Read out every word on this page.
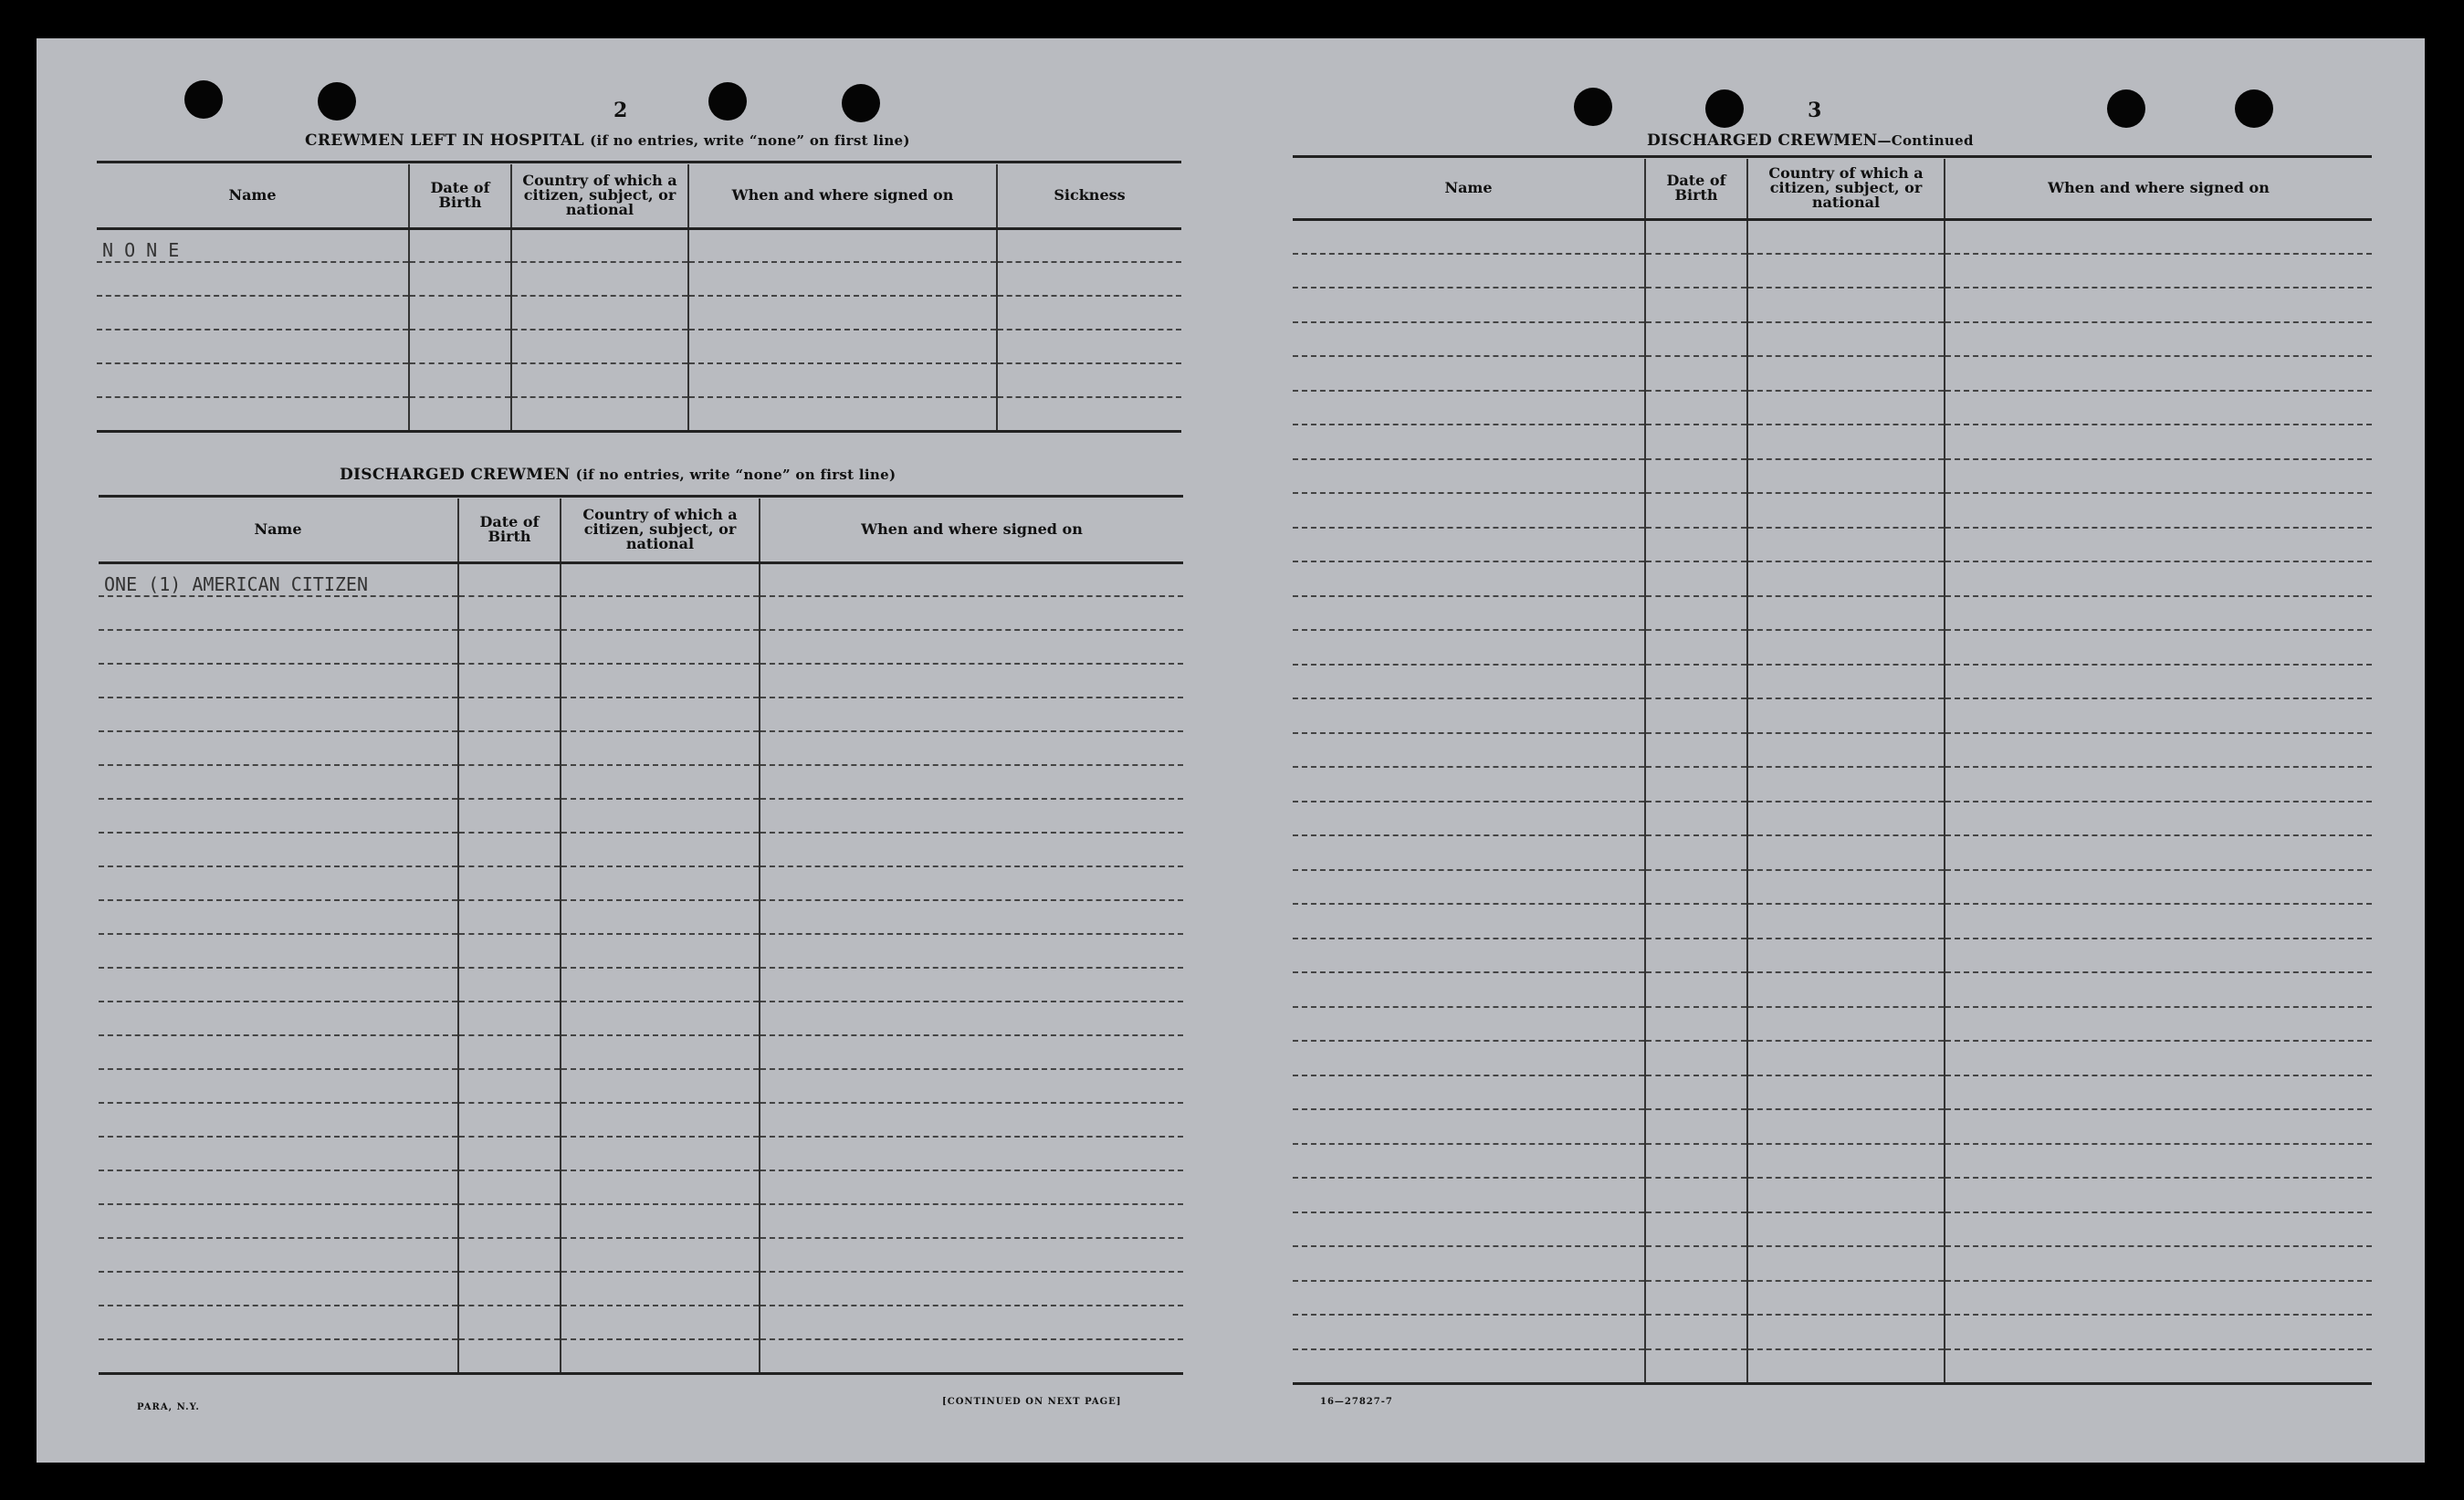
2
CREWMEN LEFT IN HOSPITAL (if no entries, write “none” on first line)
Name	Date of Birth	Country of which a citizen, subject, or national	When and where signed on	Sickness
N O N E				

DISCHARGED CREWMEN (if no entries, write “none” on first line)
Name	Date of Birth	Country of which a citizen, subject, or national	When and where signed on
ONE (1) AMERICAN CITIZEN			

PARA, N.Y.
[CONTINUED ON NEXT PAGE]
3
DISCHARGED CREWMEN—Continued
Name	Date of Birth	Country of which a citizen, subject, or national	When and where signed on

16—27827-7
